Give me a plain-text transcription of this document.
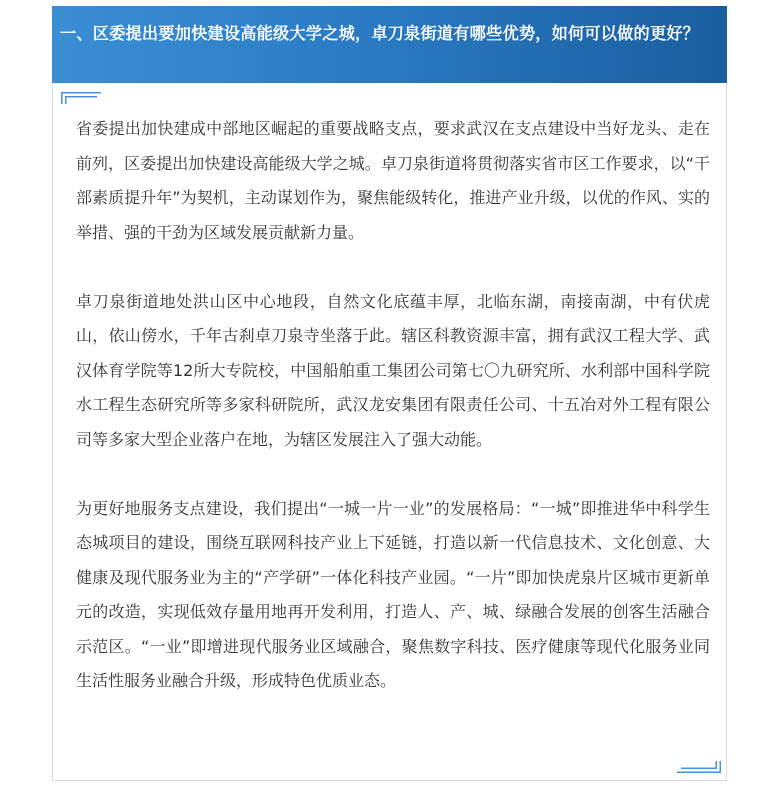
一、区委提出要加快建设高能级大学之城，卓刀泉街道有哪些优势，如何可以做的更好？

省委提出加快建成中部地区崛起的重要战略支点，要求武汉在支点建设中当好龙头、走在前列，区委提出加快建设高能级大学之城。卓刀泉街道将贯彻落实省市区工作要求，以“干部素质提升年”为契机，主动谋划作为，聚焦能级转化，推进产业升级，以优的作风、实的举措、强的干劲为区域发展贡献新力量。

卓刀泉街道地处洪山区中心地段，自然文化底蕴丰厚，北临东湖，南接南湖，中有伏虎山，依山傍水，千年古刹卓刀泉寺坐落于此。辖区科教资源丰富，拥有武汉工程大学、武汉体育学院等12所大专院校，中国船舶重工集团公司第七〇九研究所、水利部中国科学院水工程生态研究所等多家科研院所，武汉龙安集团有限责任公司、十五冶对外工程有限公司等多家大型企业落户在地，为辖区发展注入了强大动能。

为更好地服务支点建设，我们提出“一城一片一业”的发展格局：“一城”即推进华中科学生态城项目的建设，围绕互联网科技产业上下延链，打造以新一代信息技术、文化创意、大健康及现代服务业为主的“产学研”一体化科技产业园。“一片”即加快虎泉片区城市更新单元的改造，实现低效存量用地再开发利用，打造人、产、城、绿融合发展的创客生活融合示范区。“一业”即增进现代服务业区域融合，聚焦数字科技、医疗健康等现代化服务业同生活性服务业融合升级，形成特色优质业态。
